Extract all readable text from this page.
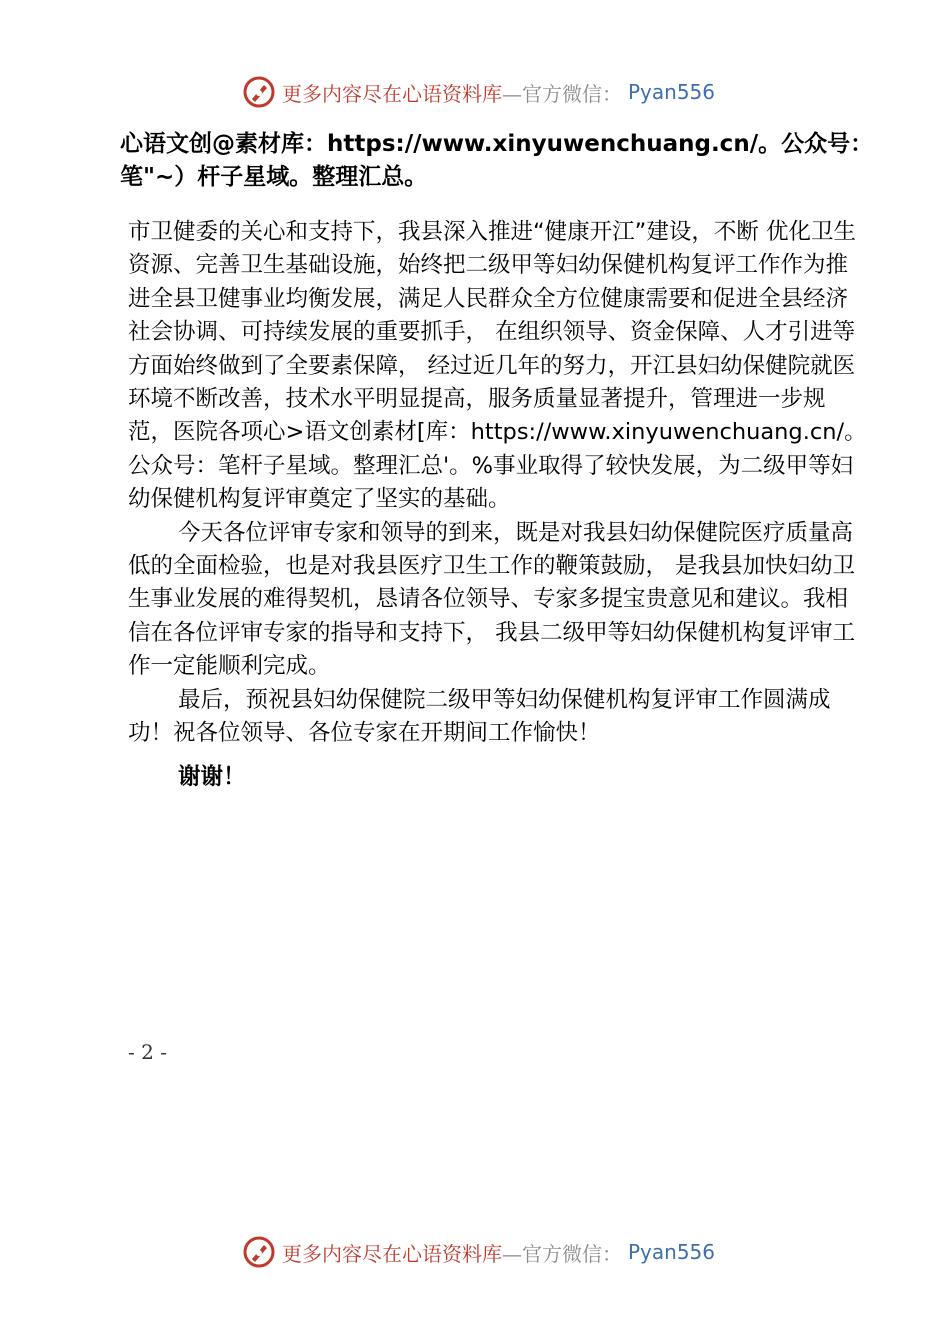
更多内容尽在心语资料库 —官方微信： Pyan556
心语文创@素材库：https://www.xinyuwenchuang.cn/。公众号：笔"~）杆子星域。整理汇总。

市卫健委的关心和支持下，我县深入推进“健康开江”建设，不断 优化卫生资源、完善卫生基础设施，始终把二级甲等妇幼保健机构复评工作作为推进全县卫健事业均衡发展，满足人民群众全方位健康需要和促进全县经济社会协调、可持续发展的重要抓手， 在组织领导、资金保障、人才引进等方面始终做到了全要素保障， 经过近几年的努力，开江县妇幼保健院就医环境不断改善，技术水平明显提高，服务质量显著提升，管理进一步规范，医院各项心>语文创素材[库：https://www.xinyuwenchuang.cn/。公众号：笔杆子星域。整理汇总'。%事业取得了较快发展，为二级甲等妇幼保健机构复评审奠定了坚实的基础。

今天各位评审专家和领导的到来，既是对我县妇幼保健院医疗质量高低的全面检验，也是对我县医疗卫生工作的鞭策鼓励， 是我县加快妇幼卫生事业发展的难得契机，恳请各位领导、专家多提宝贵意见和建议。我相信在各位评审专家的指导和支持下， 我县二级甲等妇幼保健机构复评审工作一定能顺利完成。

最后，预祝县妇幼保健院二级甲等妇幼保健机构复评审工作圆满成功！祝各位领导、各位专家在开期间工作愉快！

谢谢！

- 2 -
更多内容尽在心语资料库 —官方微信： Pyan556
